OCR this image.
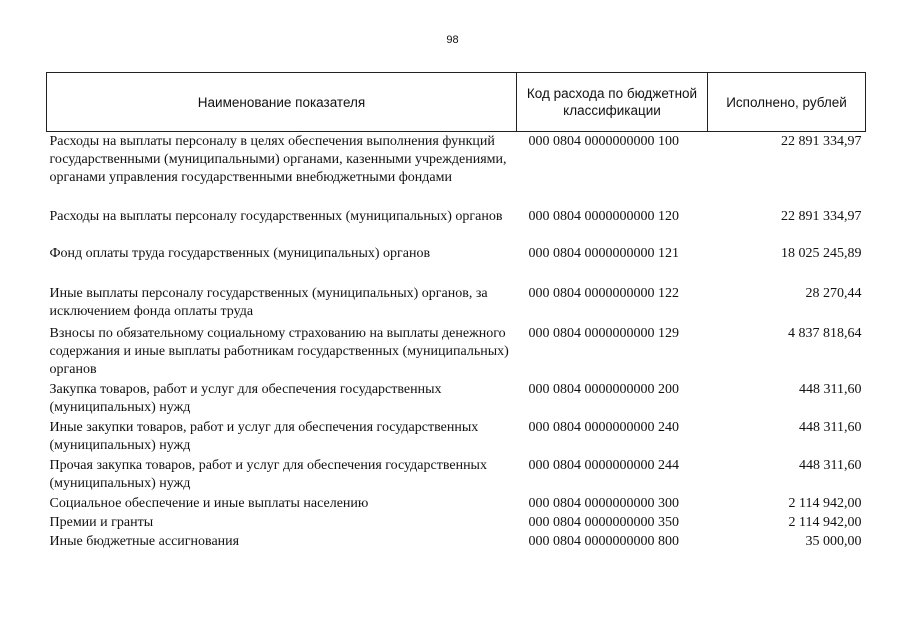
98
Наименование показателя	Код расхода по бюджетной классификации	Исполнено, рублей
Расходы на выплаты персоналу в целях обеспечения выполнения функций государственными (муниципальными) органами, казенными учреждениями, органами управления государственными внебюджетными фондами	000 0804 0000000000 100	22 891 334,97
Расходы на выплаты персоналу государственных (муниципальных) органов	000 0804 0000000000 120	22 891 334,97
Фонд оплаты труда государственных (муниципальных) органов	000 0804 0000000000 121	18 025 245,89
Иные выплаты персоналу государственных (муниципальных) органов, за исключением фонда оплаты труда	000 0804 0000000000 122	28 270,44
Взносы по обязательному социальному страхованию на выплаты денежного содержания и иные выплаты работникам государственных (муниципальных) органов	000 0804 0000000000 129	4 837 818,64
Закупка товаров, работ и услуг для обеспечения государственных (муниципальных) нужд	000 0804 0000000000 200	448 311,60
Иные закупки товаров, работ и услуг для обеспечения государственных (муниципальных) нужд	000 0804 0000000000 240	448 311,60
Прочая закупка товаров, работ и услуг для обеспечения государственных (муниципальных) нужд	000 0804 0000000000 244	448 311,60
Социальное обеспечение и иные выплаты населению	000 0804 0000000000 300	2 114 942,00
Премии и гранты	000 0804 0000000000 350	2 114 942,00
Иные бюджетные ассигнования	000 0804 0000000000 800	35 000,00
